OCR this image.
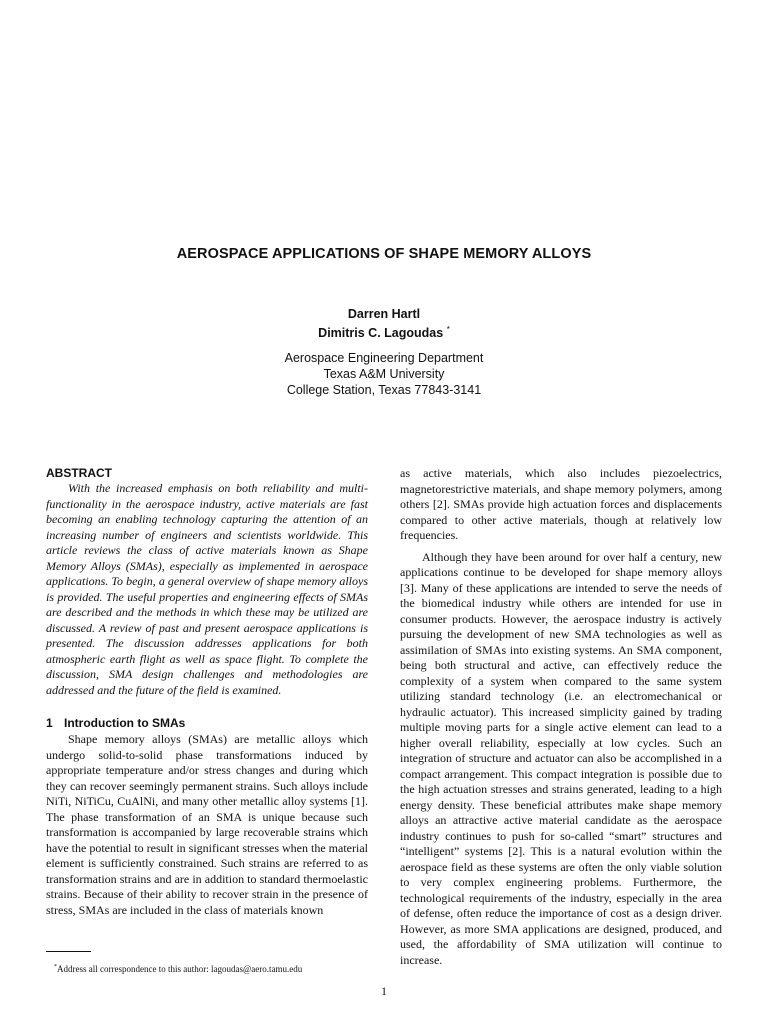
AEROSPACE APPLICATIONS OF SHAPE MEMORY ALLOYS
Darren Hartl
Dimitris C. Lagoudas *
Aerospace Engineering Department
Texas A&M University
College Station, Texas 77843-3141

ABSTRACT

With the increased emphasis on both reliability and multi-functionality in the aerospace industry, active materials are fast becoming an enabling technology capturing the attention of an increasing number of engineers and scientists worldwide. This article reviews the class of active materials known as Shape Memory Alloys (SMAs), especially as implemented in aerospace applications. To begin, a general overview of shape memory alloys is provided. The useful properties and engineering effects of SMAs are described and the methods in which these may be utilized are discussed. A review of past and present aerospace applications is presented. The discussion addresses applications for both atmospheric earth flight as well as space flight. To complete the discussion, SMA design challenges and methodologies are addressed and the future of the field is examined.

1 Introduction to SMAs

Shape memory alloys (SMAs) are metallic alloys which undergo solid-to-solid phase transformations induced by appropriate temperature and/or stress changes and during which they can recover seemingly permanent strains. Such alloys include NiTi, NiTiCu, CuAlNi, and many other metallic alloy systems [1]. The phase transformation of an SMA is unique because such transformation is accompanied by large recoverable strains which have the potential to result in significant stresses when the material element is sufficiently constrained. Such strains are referred to as transformation strains and are in addition to standard thermoelastic strains. Because of their ability to recover strain in the presence of stress, SMAs are included in the class of materials known

as active materials, which also includes piezoelectrics, magnetorestrictive materials, and shape memory polymers, among others [2]. SMAs provide high actuation forces and displacements compared to other active materials, though at relatively low frequencies.

Although they have been around for over half a century, new applications continue to be developed for shape memory alloys [3]. Many of these applications are intended to serve the needs of the biomedical industry while others are intended for use in consumer products. However, the aerospace industry is actively pursuing the development of new SMA technologies as well as assimilation of SMAs into existing systems. An SMA component, being both structural and active, can effectively reduce the complexity of a system when compared to the same system utilizing standard technology (i.e. an electromechanical or hydraulic actuator). This increased simplicity gained by trading multiple moving parts for a single active element can lead to a higher overall reliability, especially at low cycles. Such an integration of structure and actuator can also be accomplished in a compact arrangement. This compact integration is possible due to the high actuation stresses and strains generated, leading to a high energy density. These beneficial attributes make shape memory alloys an attractive active material candidate as the aerospace industry continues to push for so-called “smart” structures and “intelligent” systems [2]. This is a natural evolution within the aerospace field as these systems are often the only viable solution to very complex engineering problems. Furthermore, the technological requirements of the industry, especially in the area of defense, often reduce the importance of cost as a design driver. However, as more SMA applications are designed, produced, and used, the affordability of SMA utilization will continue to increase.

*Address all correspondence to this author: lagoudas@aero.tamu.edu
1
